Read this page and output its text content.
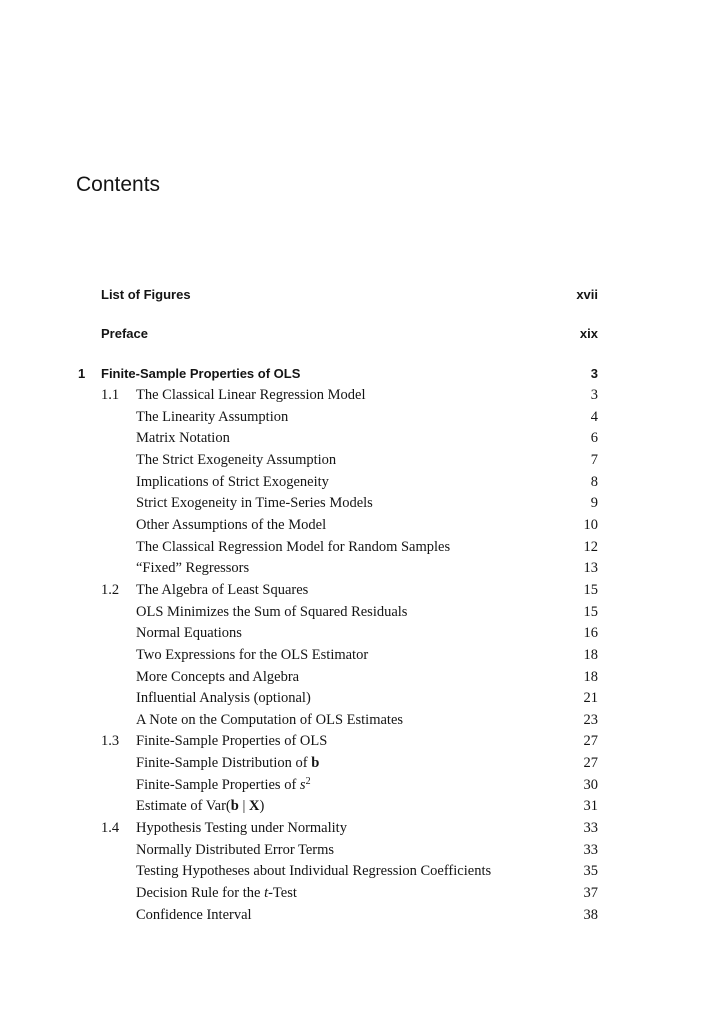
Contents
List of Figures	xvii
Preface	xix
1 Finite-Sample Properties of OLS	3
1.1 The Classical Linear Regression Model	3
The Linearity Assumption	4
Matrix Notation	6
The Strict Exogeneity Assumption	7
Implications of Strict Exogeneity	8
Strict Exogeneity in Time-Series Models	9
Other Assumptions of the Model	10
The Classical Regression Model for Random Samples	12
“Fixed” Regressors	13
1.2 The Algebra of Least Squares	15
OLS Minimizes the Sum of Squared Residuals	15
Normal Equations	16
Two Expressions for the OLS Estimator	18
More Concepts and Algebra	18
Influential Analysis (optional)	21
A Note on the Computation of OLS Estimates	23
1.3 Finite-Sample Properties of OLS	27
Finite-Sample Distribution of b	27
Finite-Sample Properties of $s^2$	30
Estimate of Var(b | X)	31
1.4 Hypothesis Testing under Normality	33
Normally Distributed Error Terms	33
Testing Hypotheses about Individual Regression Coefficients	35
Decision Rule for the t-Test	37
Confidence Interval	38
